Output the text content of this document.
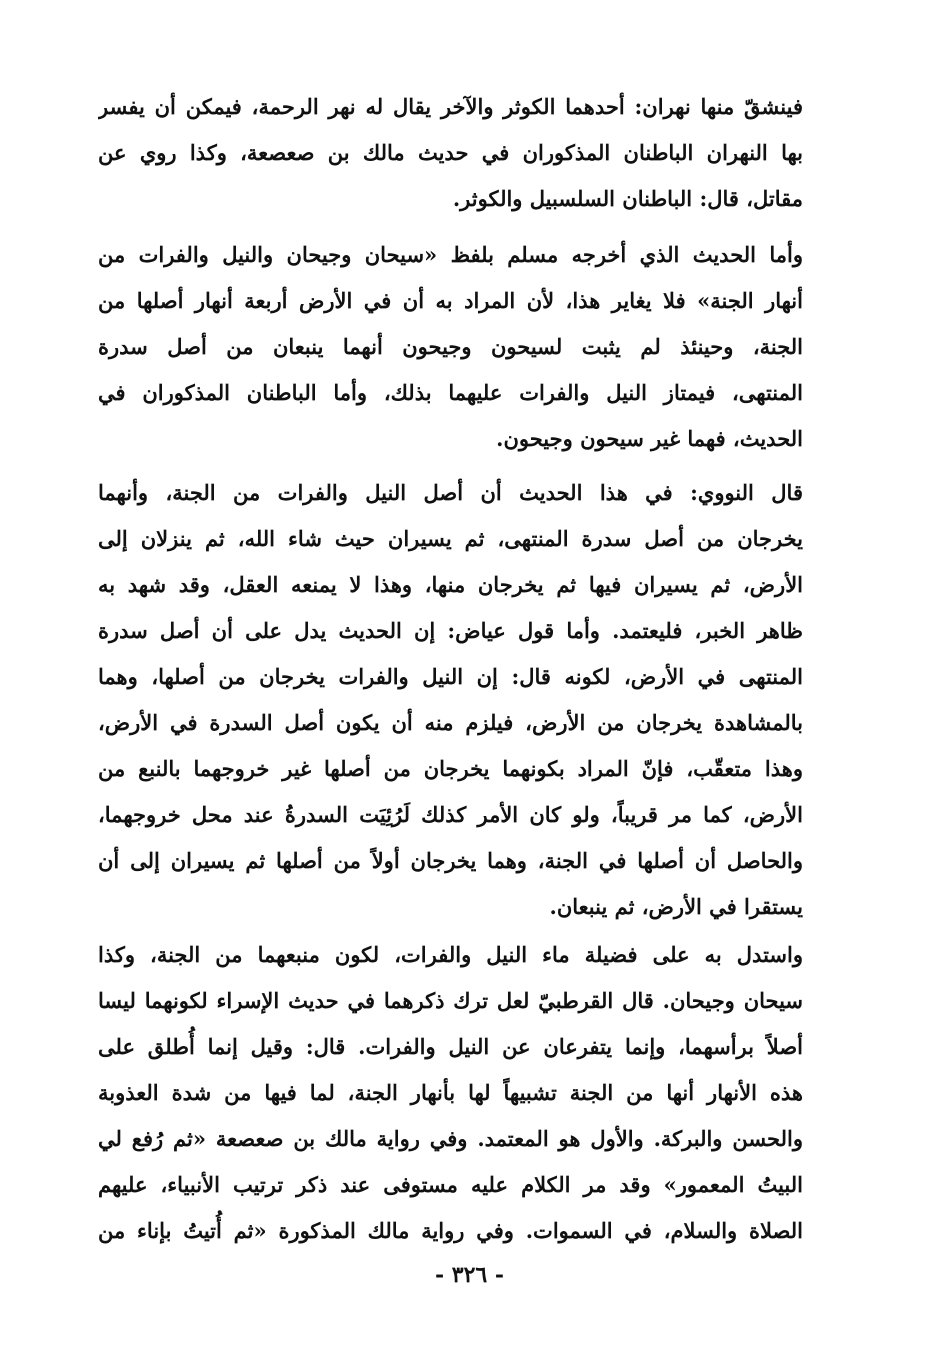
فينشقّ منها نهران: أحدهما الكوثر والآخر يقال له نهر الرحمة، فيمكن أن يفسر
بها النهران الباطنان المذكوران في حديث مالك بن صعصعة، وكذا روي عن
مقاتل، قال: الباطنان السلسبيل والكوثر.
وأما الحديث الذي أخرجه مسلم بلفظ «سيحان وجيحان والنيل والفرات من
أنهار الجنة» فلا يغاير هذا، لأن المراد به أن في الأرض أربعة أنهار أصلها من
الجنة، وحينئذ لم يثبت لسيحون وجيحون أنهما ينبعان من أصل سدرة
المنتهى، فيمتاز النيل والفرات عليهما بذلك، وأما الباطنان المذكوران في
الحديث، فهما غير سيحون وجيحون.
قال النووي: في هذا الحديث أن أصل النيل والفرات من الجنة، وأنهما
يخرجان من أصل سدرة المنتهى، ثم يسيران حيث شاء الله، ثم ينزلان إلى
الأرض، ثم يسيران فيها ثم يخرجان منها، وهذا لا يمنعه العقل، وقد شهد به
ظاهر الخبر، فليعتمد. وأما قول عياض: إن الحديث يدل على أن أصل سدرة
المنتهى في الأرض، لكونه قال: إن النيل والفرات يخرجان من أصلها، وهما
بالمشاهدة يخرجان من الأرض، فيلزم منه أن يكون أصل السدرة في الأرض،
وهذا متعقّب، فإنّ المراد بكونهما يخرجان من أصلها غير خروجهما بالنبع من
الأرض، كما مر قريباً، ولو كان الأمر كذلك لَرُئِيَت السدرةُ عند محل خروجهما،
والحاصل أن أصلها في الجنة، وهما يخرجان أولاً من أصلها ثم يسيران إلى أن
يستقرا في الأرض، ثم ينبعان.
واستدل به على فضيلة ماء النيل والفرات، لكون منبعهما من الجنة، وكذا
سيحان وجيحان. قال القرطبيّ لعل ترك ذكرهما في حديث الإسراء لكونهما ليسا
أصلاً برأسهما، وإنما يتفرعان عن النيل والفرات. قال: وقيل إنما أُطلق على
هذه الأنهار أنها من الجنة تشبيهاً لها بأنهار الجنة، لما فيها من شدة العذوبة
والحسن والبركة. والأول هو المعتمد. وفي رواية مالك بن صعصعة «ثم رُفع لي
البيتُ المعمور» وقد مر الكلام عليه مستوفى عند ذكر ترتيب الأنبياء، عليهم
الصلاة والسلام، في السموات. وفي رواية مالك المذكورة «ثم أُتيتُ بإناء من
- ٣٢٦ -
